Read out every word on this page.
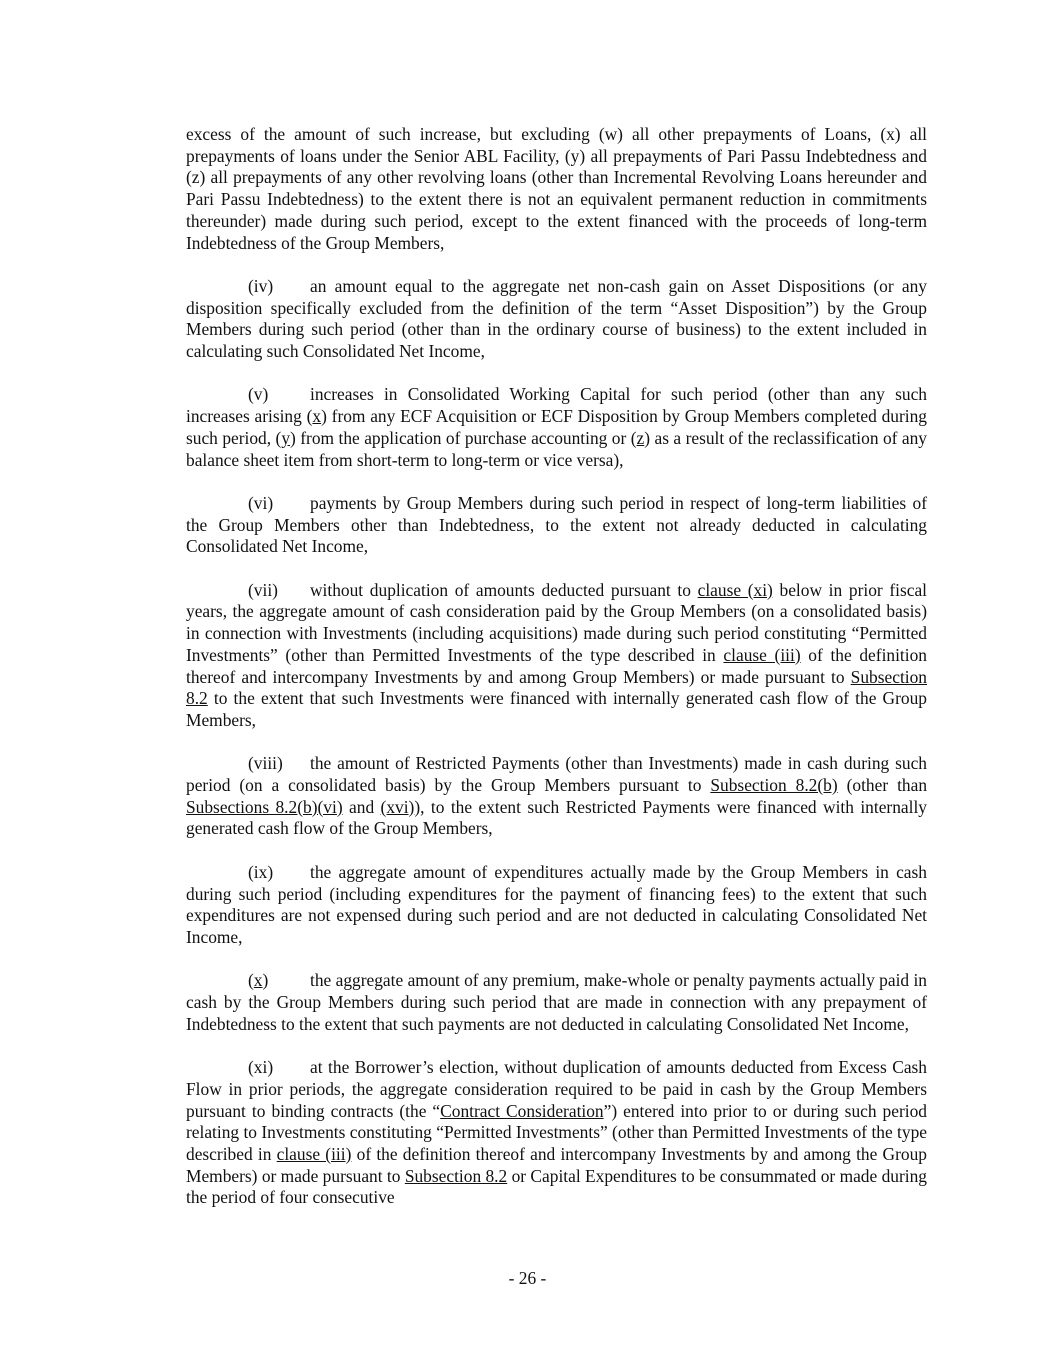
excess of the amount of such increase, but excluding (w) all other prepayments of Loans, (x) all prepayments of loans under the Senior ABL Facility, (y) all prepayments of Pari Passu Indebtedness and (z) all prepayments of any other revolving loans (other than Incremental Revolving Loans hereunder and Pari Passu Indebtedness) to the extent there is not an equivalent permanent reduction in commitments thereunder) made during such period, except to the extent financed with the proceeds of long-term Indebtedness of the Group Members,

(iv) an amount equal to the aggregate net non-cash gain on Asset Dispositions (or any disposition specifically excluded from the definition of the term “Asset Disposition”) by the Group Members during such period (other than in the ordinary course of business) to the extent included in calculating such Consolidated Net Income,

(v) increases in Consolidated Working Capital for such period (other than any such increases arising (x) from any ECF Acquisition or ECF Disposition by Group Members completed during such period, (y) from the application of purchase accounting or (z) as a result of the reclassification of any balance sheet item from short-term to long-term or vice versa),

(vi) payments by Group Members during such period in respect of long-term liabilities of the Group Members other than Indebtedness, to the extent not already deducted in calculating Consolidated Net Income,

(vii) without duplication of amounts deducted pursuant to clause (xi) below in prior fiscal years, the aggregate amount of cash consideration paid by the Group Members (on a consolidated basis) in connection with Investments (including acquisitions) made during such period constituting “Permitted Investments” (other than Permitted Investments of the type described in clause (iii) of the definition thereof and intercompany Investments by and among Group Members) or made pursuant to Subsection 8.2 to the extent that such Investments were financed with internally generated cash flow of the Group Members,

(viii) the amount of Restricted Payments (other than Investments) made in cash during such period (on a consolidated basis) by the Group Members pursuant to Subsection 8.2(b) (other than Subsections 8.2(b)(vi) and (xvi)), to the extent such Restricted Payments were financed with internally generated cash flow of the Group Members,

(ix) the aggregate amount of expenditures actually made by the Group Members in cash during such period (including expenditures for the payment of financing fees) to the extent that such expenditures are not expensed during such period and are not deducted in calculating Consolidated Net Income,

(x) the aggregate amount of any premium, make-whole or penalty payments actually paid in cash by the Group Members during such period that are made in connection with any prepayment of Indebtedness to the extent that such payments are not deducted in calculating Consolidated Net Income,

(xi) at the Borrower’s election, without duplication of amounts deducted from Excess Cash Flow in prior periods, the aggregate consideration required to be paid in cash by the Group Members pursuant to binding contracts (the “Contract Consideration”) entered into prior to or during such period relating to Investments constituting “Permitted Investments” (other than Permitted Investments of the type described in clause (iii) of the definition thereof and intercompany Investments by and among the Group Members) or made pursuant to Subsection 8.2 or Capital Expenditures to be consummated or made during the period of four consecutive

- 26 -
